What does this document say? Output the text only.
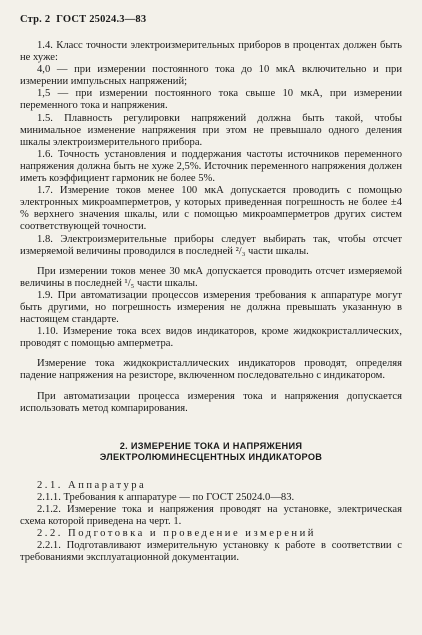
Стр. 2 ГОСТ 25024.3—83

1.4. Класс точности электроизмерительных приборов в процентах должен быть не хуже:

4,0 — при измерении постоянного тока до 10 мкА включительно и при измерении импульсных напряжений;

1,5 — при измерении постоянного тока свыше 10 мкА, при измерении переменного тока и напряжения.

1.5. Плавность регулировки напряжений должна быть такой, чтобы минимальное изменение напряжения при этом не превышало одного деления шкалы электроизмерительного прибора.

1.6. Точность установления и поддержания частоты источников переменного напряжения должна быть не хуже 2,5%. Источник переменного напряжения должен иметь коэффициент гармоник не более 5%.

1.7. Измерение токов менее 100 мкА допускается проводить с помощью электронных микроамперметров, у которых приведенная погрешность не более ±4 % верхнего значения шкалы, или с помощью микроамперметров других систем соответствующей точности.

1.8. Электроизмерительные приборы следует выбирать так, чтобы отсчет измеряемой величины проводился в последней ²/₃ части шкалы.

При измерении токов менее 30 мкА допускается проводить отсчет измеряемой величины в последней ¹/₅ части шкалы.

1.9. При автоматизации процессов измерения требования к аппаратуре могут быть другими, но погрешность измерения не должна превышать указанную в настоящем стандарте.

1.10. Измерение тока всех видов индикаторов, кроме жидкокристаллических, проводят с помощью амперметра.

Измерение тока жидкокристаллических индикаторов проводят, определяя падение напряжения на резисторе, включенном последовательно с индикатором.

При автоматизации процесса измерения тока и напряжения допускается использовать метод компарирования.

2. ИЗМЕРЕНИЕ ТОКА И НАПРЯЖЕНИЯ
ЭЛЕКТРОЛЮМИНЕСЦЕНТНЫХ ИНДИКАТОРОВ

2.1. Аппаратура

2.1.1. Требования к аппаратуре — по ГОСТ 25024.0—83.

2.1.2. Измерение тока и напряжения проводят на установке, электрическая схема которой приведена на черт. 1.

2.2. Подготовка и проведение измерений

2.2.1. Подготавливают измерительную установку к работе в соответствии с требованиями эксплуатационной документации.
